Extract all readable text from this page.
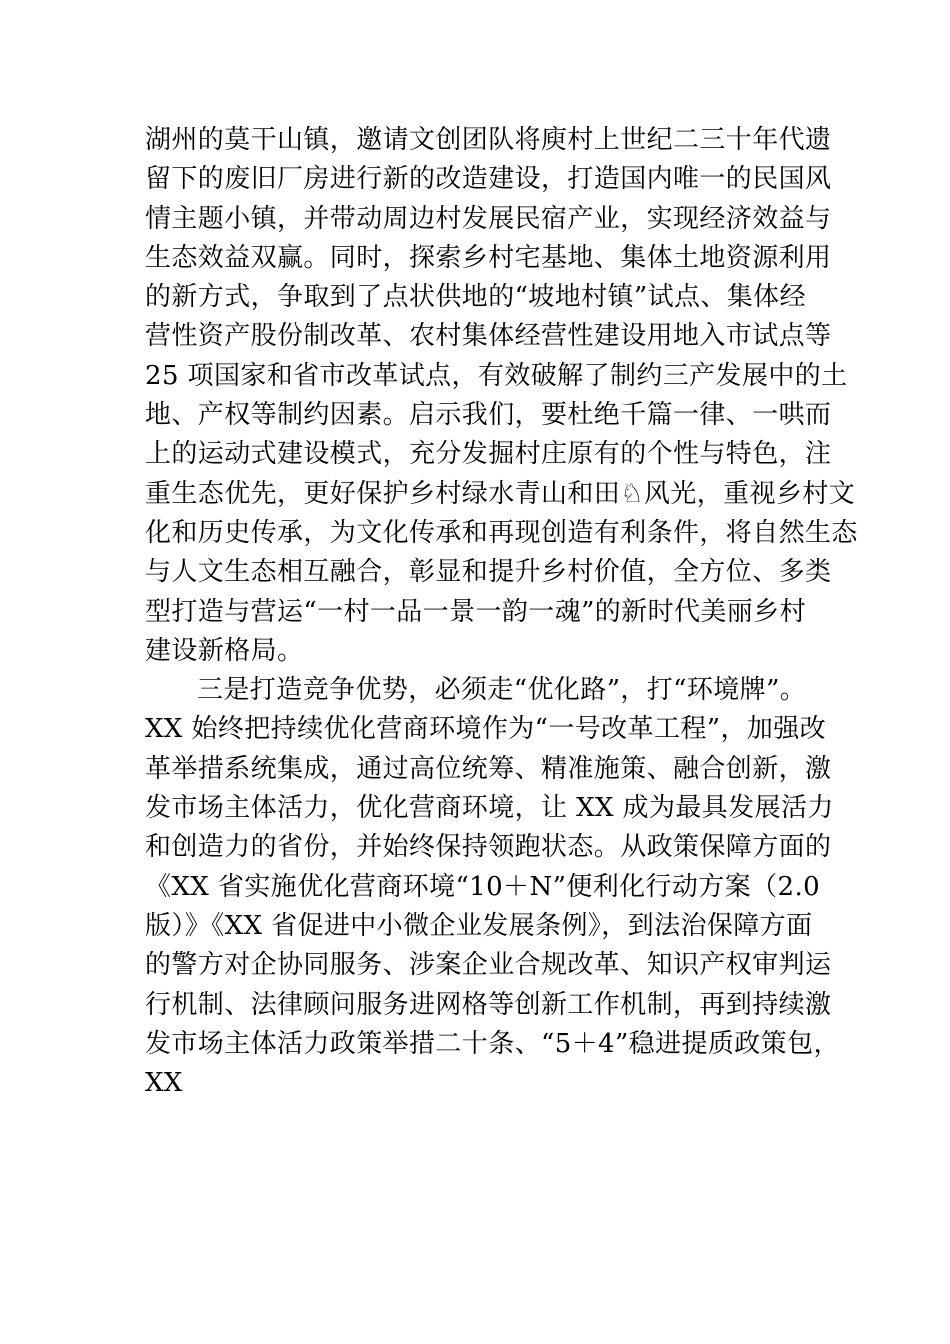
湖州的莫干山镇，邀请文创团队将庾村上世纪二三十年代遗
留下的废旧厂房进行新的改造建设，打造国内唯一的民国风
情主题小镇，并带动周边村发展民宿产业，实现经济效益与
生态效益双赢。同时，探索乡村宅基地、集体土地资源利用
的新方式，争取到了点状供地的“坡地村镇”试点、集体经
营性资产股份制改革、农村集体经营性建设用地入市试点等
25 项国家和省市改革试点，有效破解了制约三产发展中的土
地、产权等制约因素。启示我们，要杜绝千篇一律、一哄而
上的运动式建设模式，充分发掘村庄原有的个性与特色，注
重生态优先，更好保护乡村绿水青山和田♘风光，重视乡村文
化和历史传承，为文化传承和再现创造有利条件，将自然生态
与人文生态相互融合，彰显和提升乡村价值，全方位、多类
型打造与营运“一村一品一景一韵一魂”的新时代美丽乡村
建设新格局。
三是打造竞争优势，必须走“优化路”，打“环境牌”。
XX 始终把持续优化营商环境作为“一号改革工程”，加强改
革举措系统集成，通过高位统筹、精准施策、融合创新，激
发市场主体活力，优化营商环境，让 XX 成为最具发展活力
和创造力的省份，并始终保持领跑状态。从政策保障方面的
《XX 省实施优化营商环境“10＋N”便利化行动方案（2.0
版）》《XX 省促进中小微企业发展条例》，到法治保障方面
的警方对企协同服务、涉案企业合规改革、知识产权审判运
行机制、法律顾问服务进网格等创新工作机制，再到持续激
发市场主体活力政策举措二十条、“5＋4”稳进提质政策包，
XX
